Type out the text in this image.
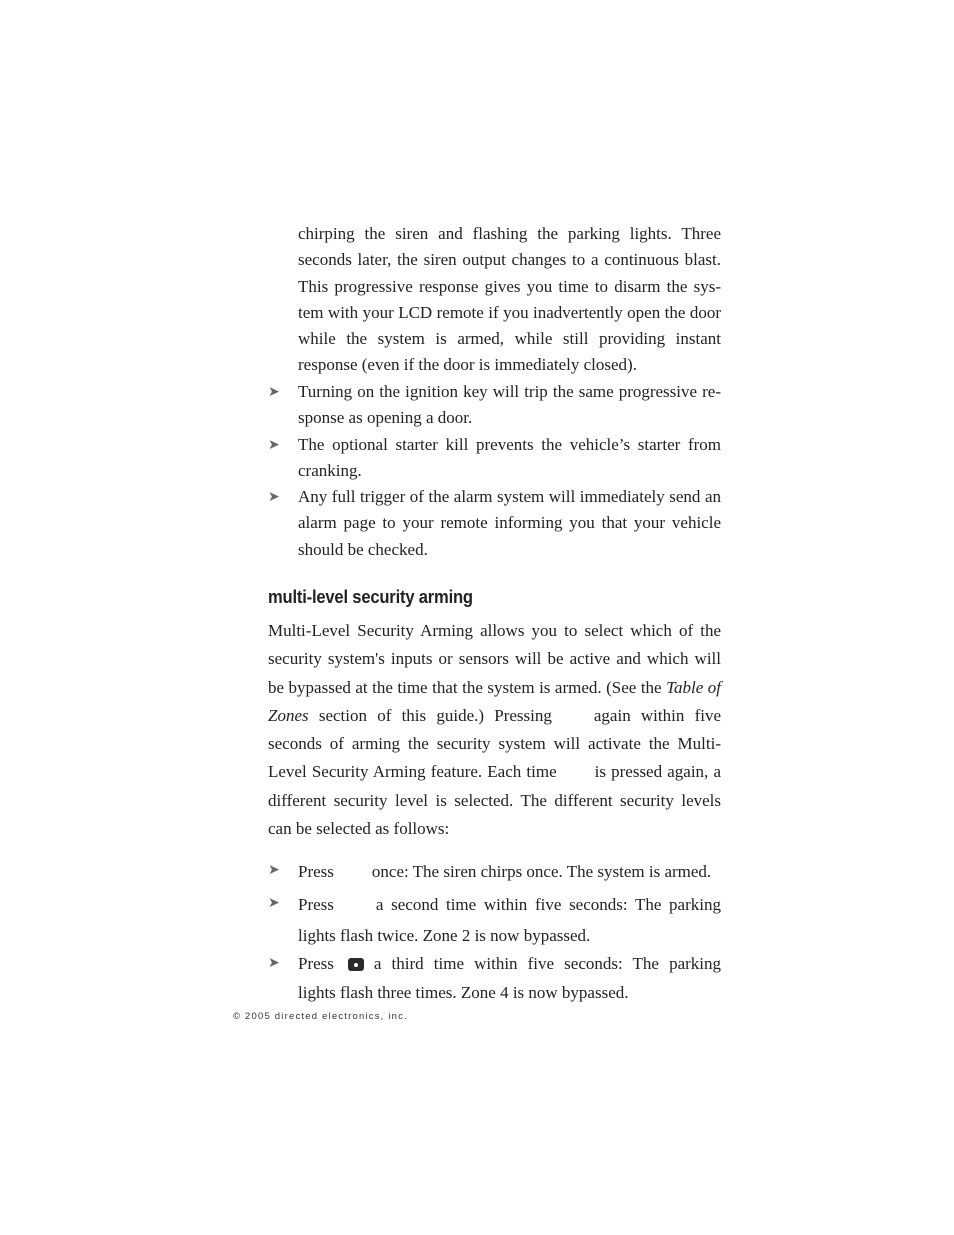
chirping the siren and flashing the parking lights. Three seconds later, the siren output changes to a continuous blast. This progressive response gives you time to disarm the sys-tem with your LCD remote if you inadvertently open the door while the system is armed, while still providing instant response (even if the door is immediately closed).

➤	Turning on the ignition key will trip the same progressive re-sponse as opening a door.

➤	The optional starter kill prevents the vehicle’s starter from cranking.

➤	Any full trigger of the alarm system will immediately send an alarm page to your remote informing you that your vehicle should be checked.

multi-level security arming

Multi-Level Security Arming allows you to select which of the security system's inputs or sensors will be active and which will be bypassed at the time that the system is armed. (See the Table of Zones section of this guide.) Pressing again within five seconds of arming the security system will activate the Multi-Level Security Arming feature. Each time is pressed again, a different security level is selected. The different security levels can be selected as follows:

➤	Press once: The siren chirps once. The system is armed.

➤	Press a second time within five seconds: The parking lights flash twice. Zone 2 is now bypassed.

➤	Press a third time within five seconds: The parking lights flash three times. Zone 4 is now bypassed.

© 2005 directed electronics, inc.
